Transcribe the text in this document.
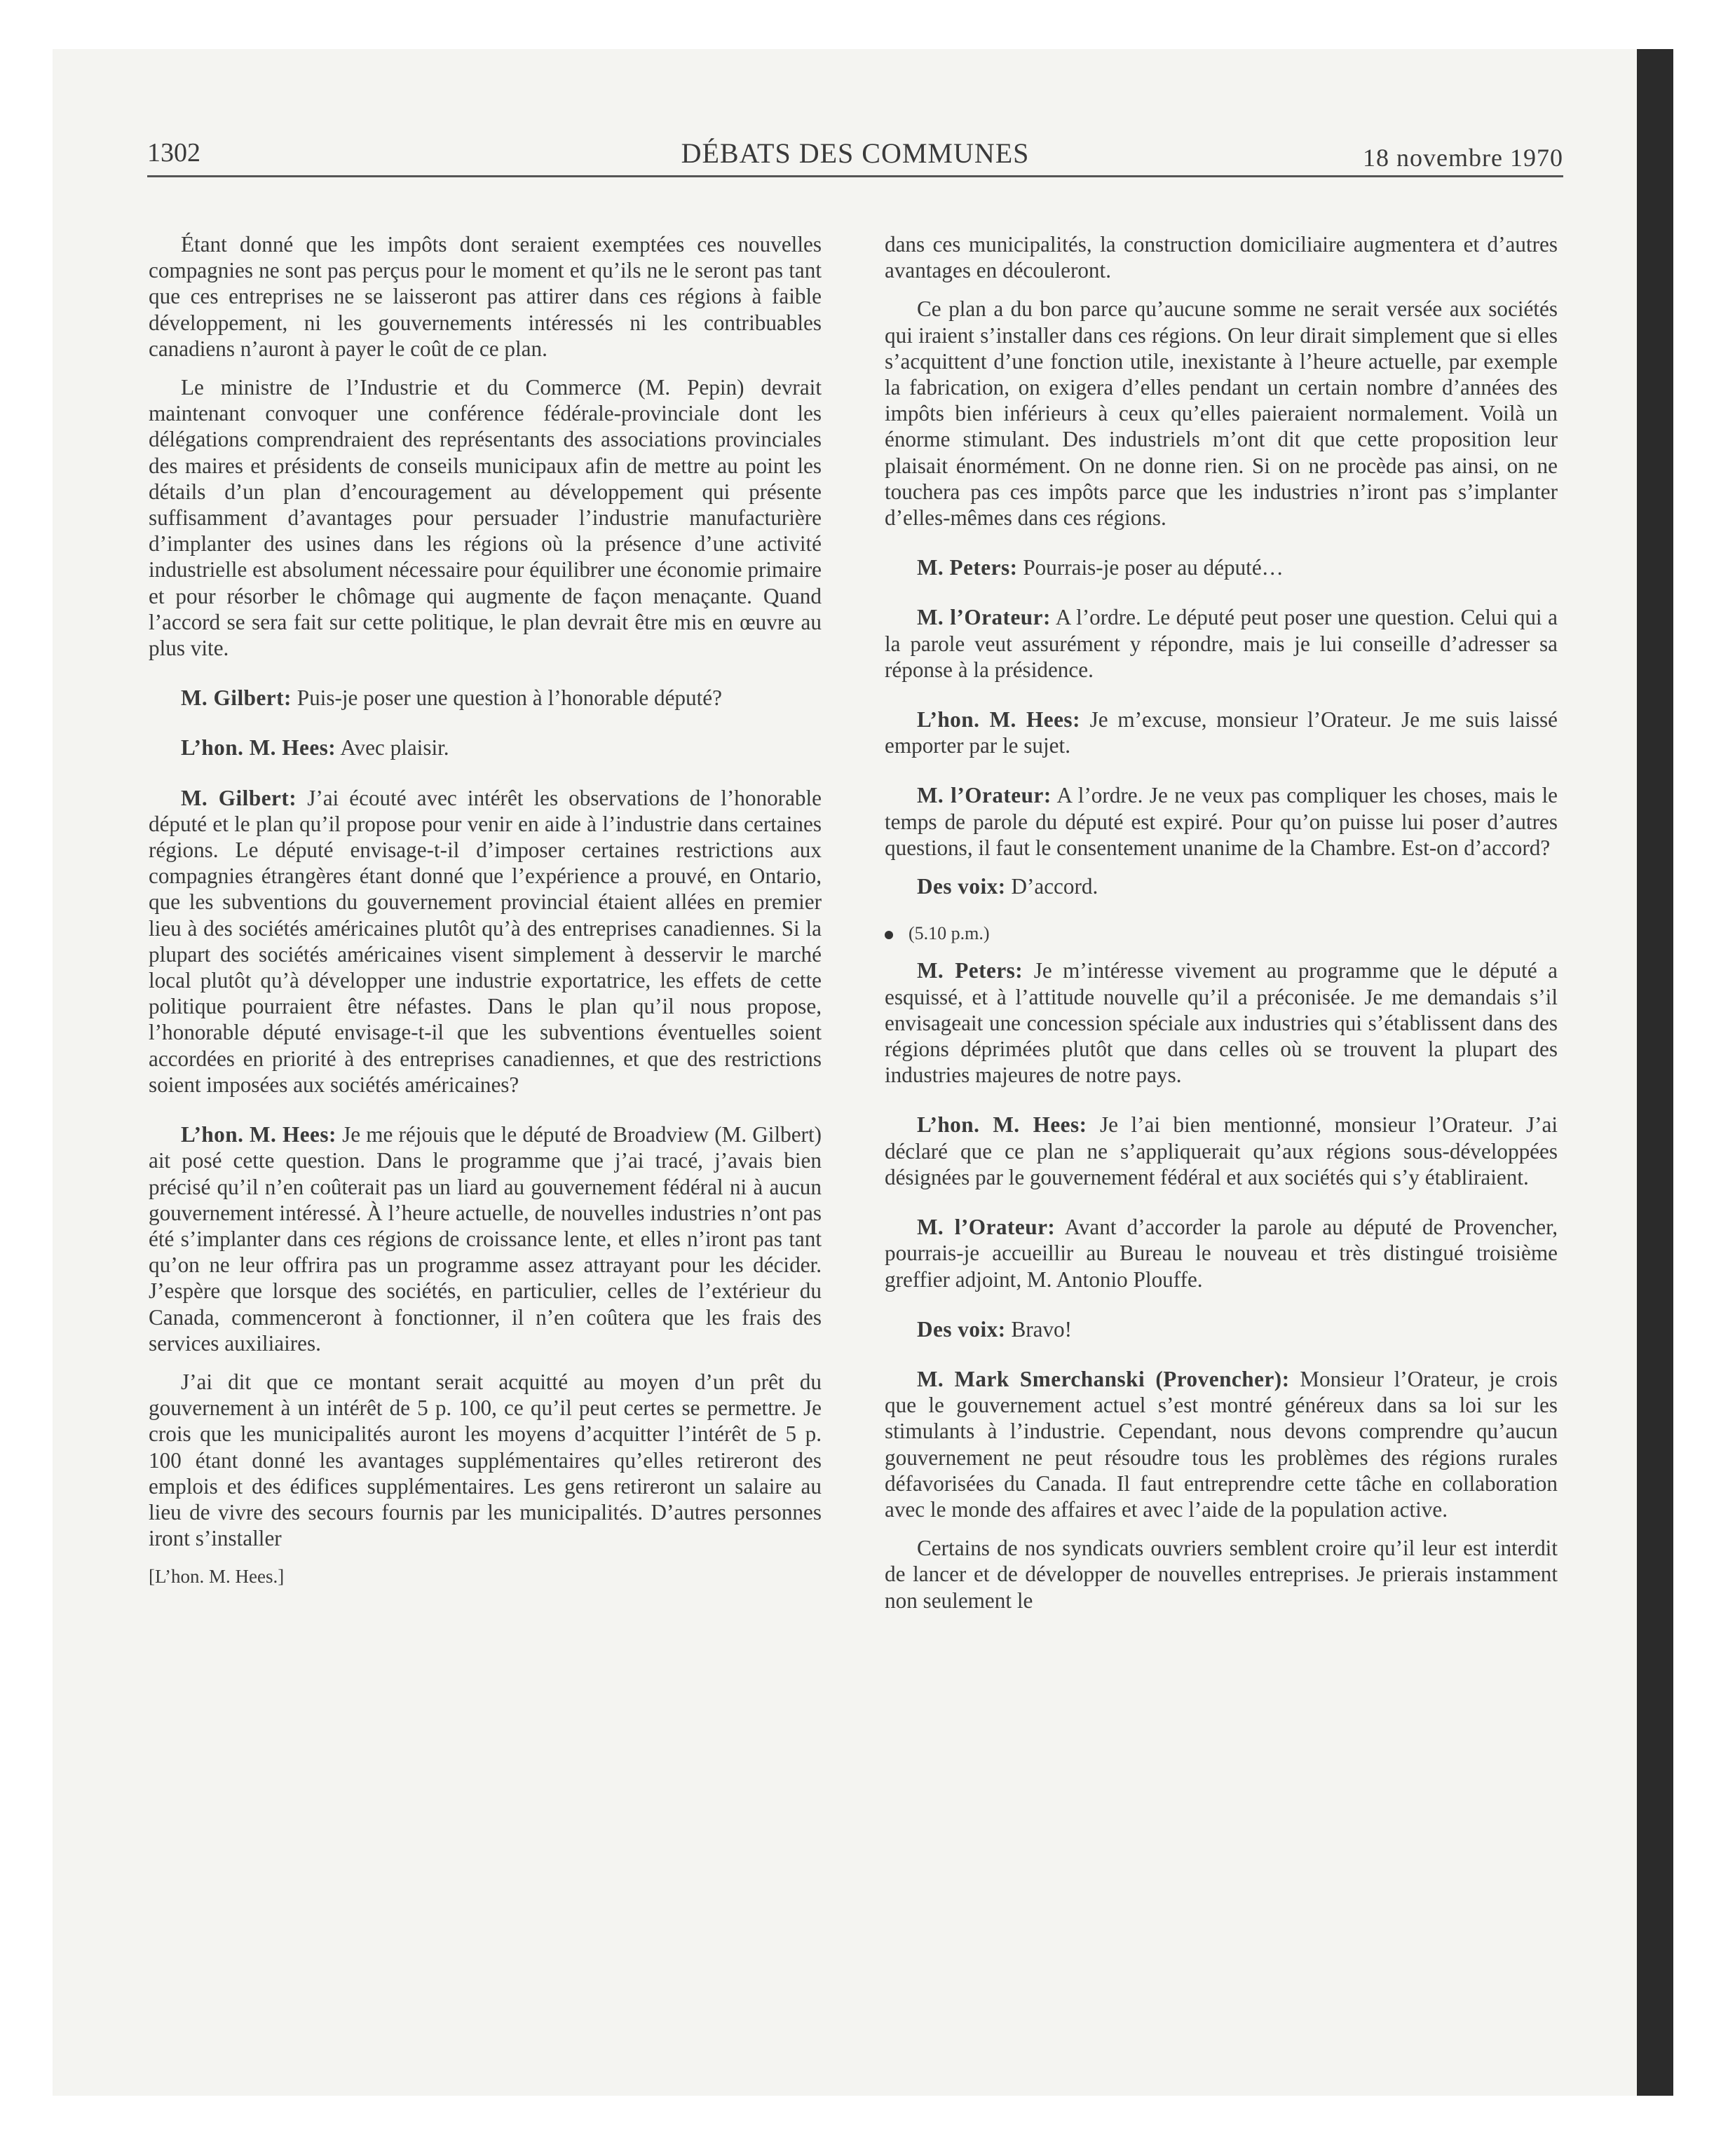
1302	DÉBATS DES COMMUNES	18 novembre 1970

Étant donné que les impôts dont seraient exemptées ces nouvelles compagnies ne sont pas perçus pour le moment et qu’ils ne le seront pas tant que ces entreprises ne se laisseront pas attirer dans ces régions à faible développement, ni les gouvernements intéressés ni les contribuables canadiens n’auront à payer le coût de ce plan.

Le ministre de l’Industrie et du Commerce (M. Pepin) devrait maintenant convoquer une conférence fédérale-provinciale dont les délégations comprendraient des représentants des associations provinciales des maires et présidents de conseils municipaux afin de mettre au point les détails d’un plan d’encouragement au développement qui présente suffisamment d’avantages pour persuader l’industrie manufacturière d’implanter des usines dans les régions où la présence d’une activité industrielle est absolument nécessaire pour équilibrer une économie primaire et pour résorber le chômage qui augmente de façon menaçante. Quand l’accord se sera fait sur cette politique, le plan devrait être mis en œuvre au plus vite.

M. Gilbert: Puis-je poser une question à l’honorable député?

L’hon. M. Hees: Avec plaisir.

M. Gilbert: J’ai écouté avec intérêt les observations de l’honorable député et le plan qu’il propose pour venir en aide à l’industrie dans certaines régions. Le député envisage-t-il d’imposer certaines restrictions aux compagnies étrangères étant donné que l’expérience a prouvé, en Ontario, que les subventions du gouvernement provincial étaient allées en premier lieu à des sociétés américaines plutôt qu’à des entreprises canadiennes. Si la plupart des sociétés américaines visent simplement à desservir le marché local plutôt qu’à développer une industrie exportatrice, les effets de cette politique pourraient être néfastes. Dans le plan qu’il nous propose, l’honorable député envisage-t-il que les subventions éventuelles soient accordées en priorité à des entreprises canadiennes, et que des restrictions soient imposées aux sociétés américaines?

L’hon. M. Hees: Je me réjouis que le député de Broadview (M. Gilbert) ait posé cette question. Dans le programme que j’ai tracé, j’avais bien précisé qu’il n’en coûterait pas un liard au gouvernement fédéral ni à aucun gouvernement intéressé. À l’heure actuelle, de nouvelles industries n’ont pas été s’implanter dans ces régions de croissance lente, et elles n’iront pas tant qu’on ne leur offrira pas un programme assez attrayant pour les décider. J’espère que lorsque des sociétés, en particulier, celles de l’extérieur du Canada, commenceront à fonctionner, il n’en coûtera que les frais des services auxiliaires.

J’ai dit que ce montant serait acquitté au moyen d’un prêt du gouvernement à un intérêt de 5 p. 100, ce qu’il peut certes se permettre. Je crois que les municipalités auront les moyens d’acquitter l’intérêt de 5 p. 100 étant donné les avantages supplémentaires qu’elles retireront des emplois et des édifices supplémentaires. Les gens retireront un salaire au lieu de vivre des secours fournis par les municipalités. D’autres personnes iront s’installer

[L’hon. M. Hees.]

dans ces municipalités, la construction domiciliaire augmentera et d’autres avantages en découleront.

Ce plan a du bon parce qu’aucune somme ne serait versée aux sociétés qui iraient s’installer dans ces régions. On leur dirait simplement que si elles s’acquittent d’une fonction utile, inexistante à l’heure actuelle, par exemple la fabrication, on exigera d’elles pendant un certain nombre d’années des impôts bien inférieurs à ceux qu’elles paieraient normalement. Voilà un énorme stimulant. Des industriels m’ont dit que cette proposition leur plaisait énormément. On ne donne rien. Si on ne procède pas ainsi, on ne touchera pas ces impôts parce que les industries n’iront pas s’implanter d’elles-mêmes dans ces régions.

M. Peters: Pourrais-je poser au député…

M. l’Orateur: A l’ordre. Le député peut poser une question. Celui qui a la parole veut assurément y répondre, mais je lui conseille d’adresser sa réponse à la présidence.

L’hon. M. Hees: Je m’excuse, monsieur l’Orateur. Je me suis laissé emporter par le sujet.

M. l’Orateur: A l’ordre. Je ne veux pas compliquer les choses, mais le temps de parole du député est expiré. Pour qu’on puisse lui poser d’autres questions, il faut le consentement unanime de la Chambre. Est-on d’accord?

Des voix: D’accord.

(5.10 p.m.)

M. Peters: Je m’intéresse vivement au programme que le député a esquissé, et à l’attitude nouvelle qu’il a préconisée. Je me demandais s’il envisageait une concession spéciale aux industries qui s’établissent dans des régions déprimées plutôt que dans celles où se trouvent la plupart des industries majeures de notre pays.

L’hon. M. Hees: Je l’ai bien mentionné, monsieur l’Orateur. J’ai déclaré que ce plan ne s’appliquerait qu’aux régions sous-développées désignées par le gouvernement fédéral et aux sociétés qui s’y établiraient.

M. l’Orateur: Avant d’accorder la parole au député de Provencher, pourrais-je accueillir au Bureau le nouveau et très distingué troisième greffier adjoint, M. Antonio Plouffe.

Des voix: Bravo!

M. Mark Smerchanski (Provencher): Monsieur l’Orateur, je crois que le gouvernement actuel s’est montré généreux dans sa loi sur les stimulants à l’industrie. Cependant, nous devons comprendre qu’aucun gouvernement ne peut résoudre tous les problèmes des régions rurales défavorisées du Canada. Il faut entreprendre cette tâche en collaboration avec le monde des affaires et avec l’aide de la population active.

Certains de nos syndicats ouvriers semblent croire qu’il leur est interdit de lancer et de développer de nouvelles entreprises. Je prierais instamment non seulement le
